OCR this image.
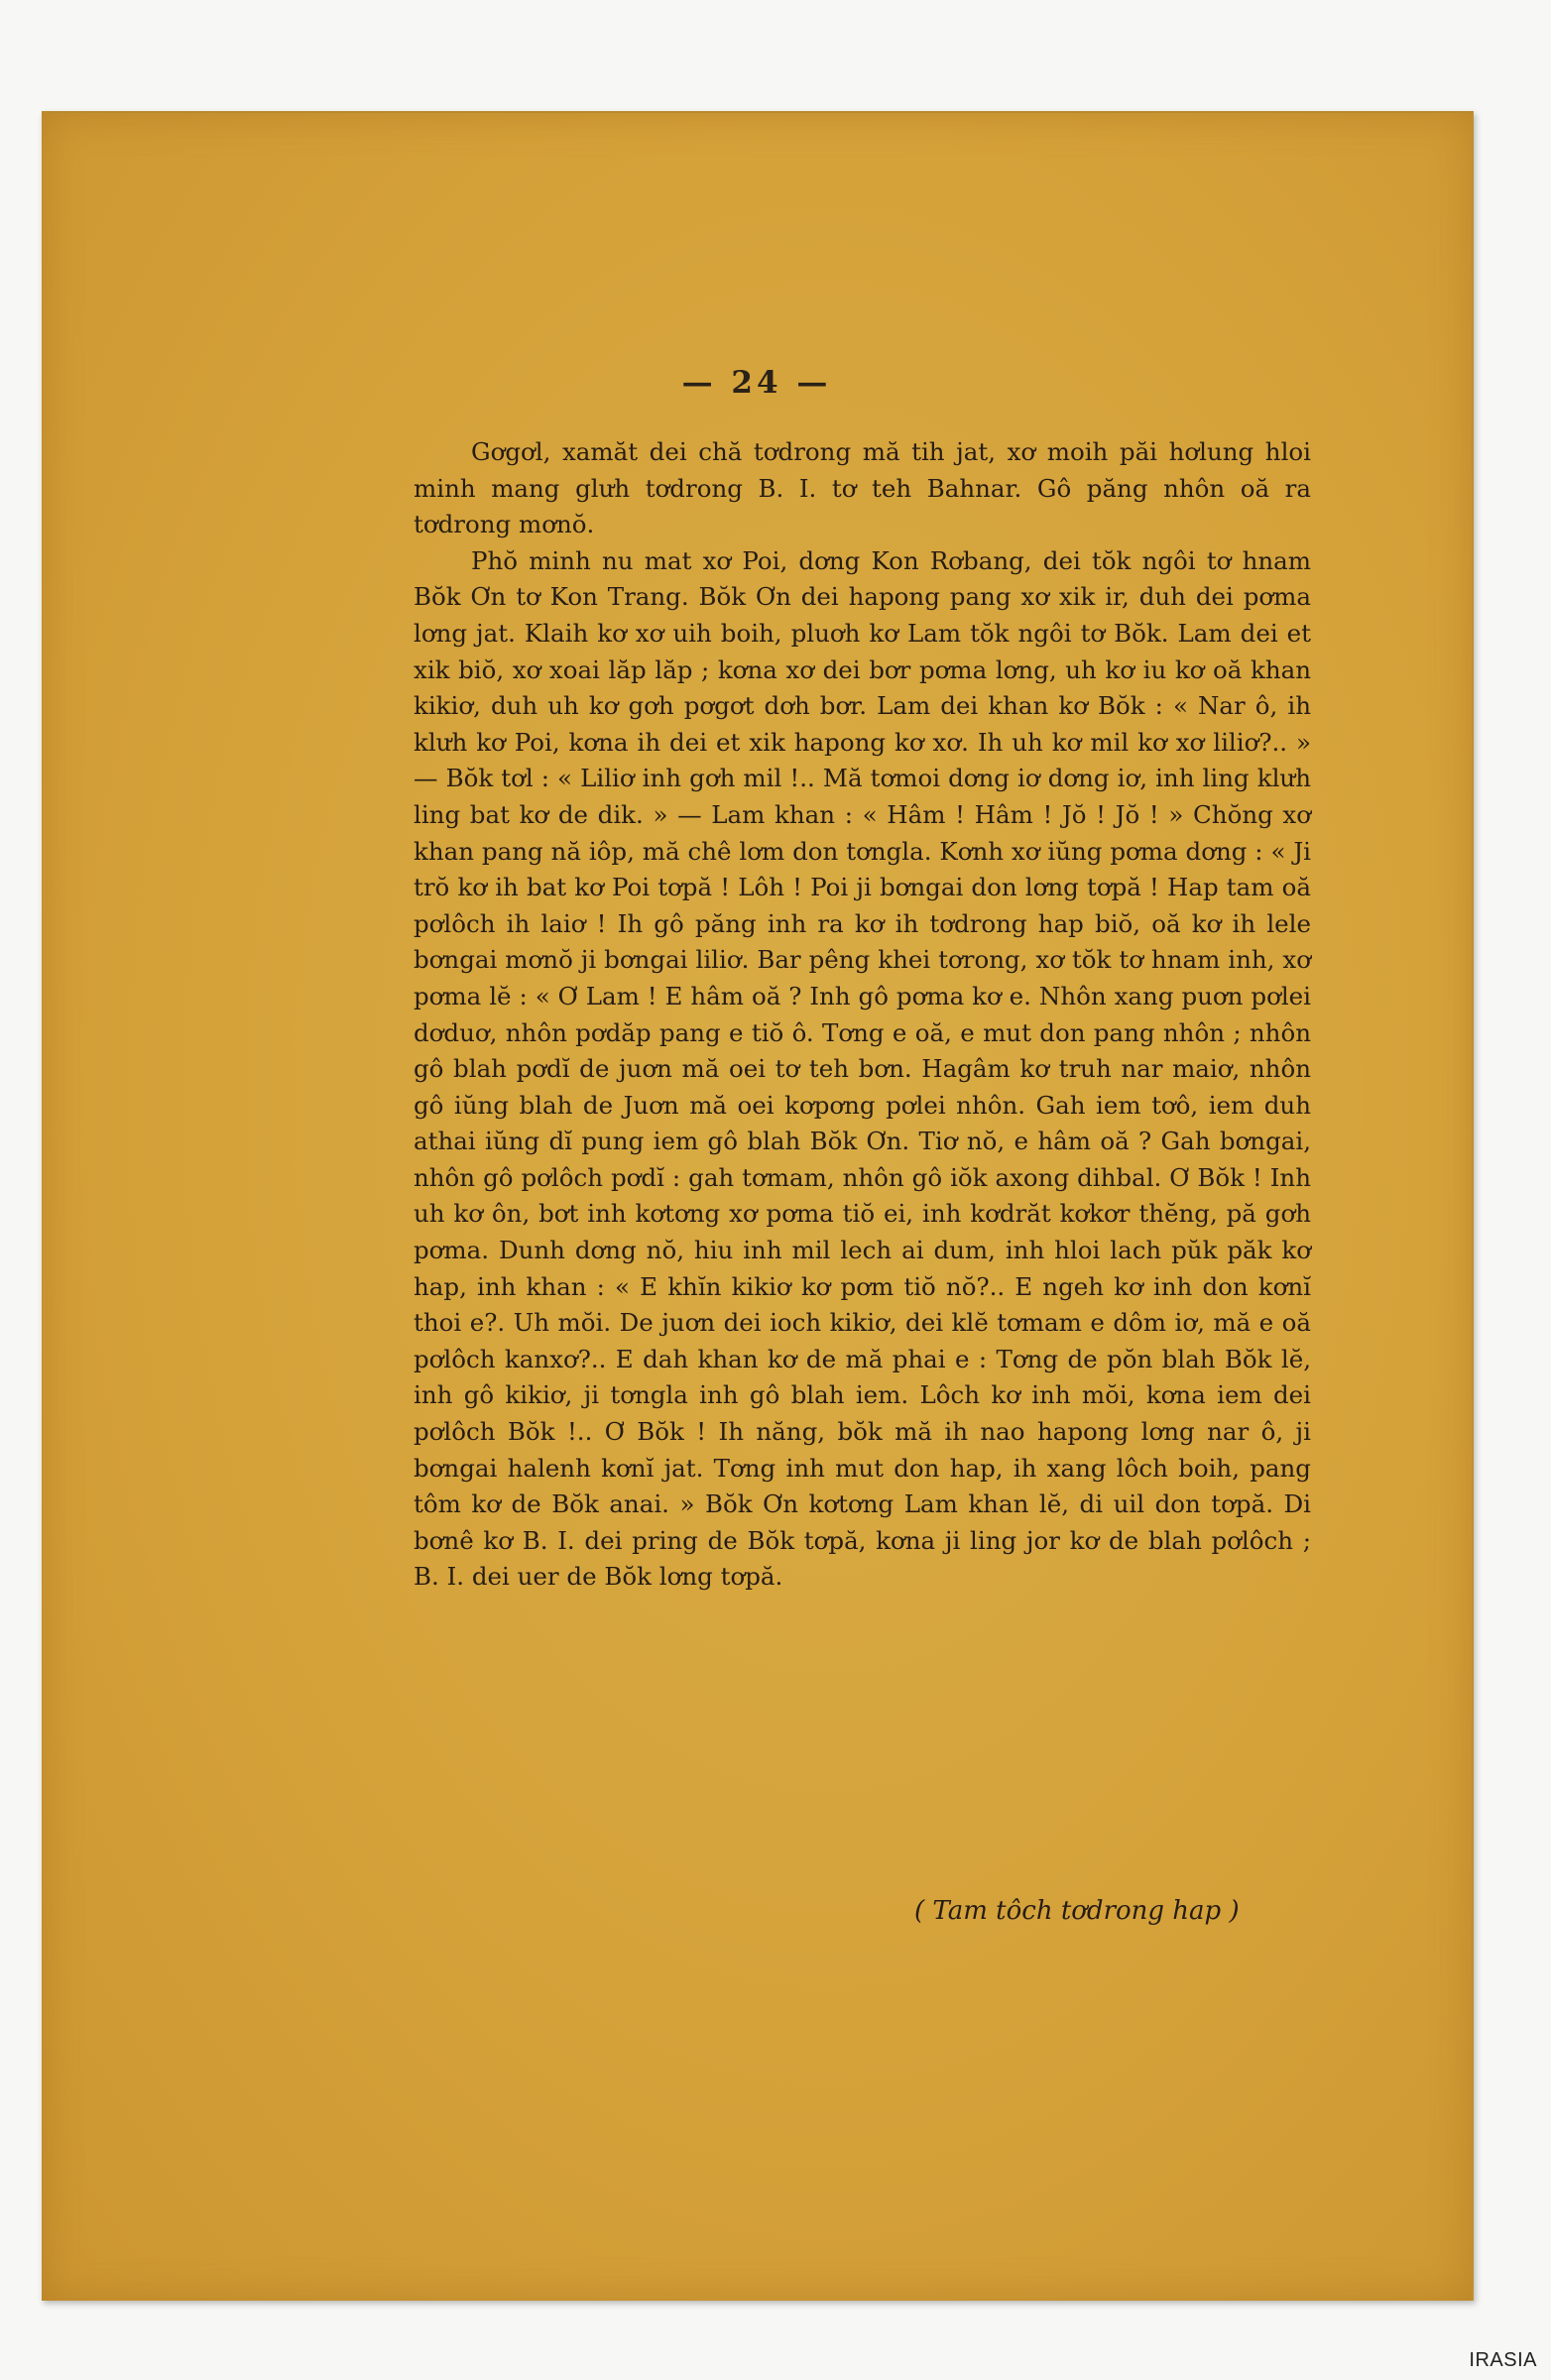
— 24 —

Gơgơl, xamăt dei chă tơdrong mă tih jat, xơ moih păi hơlung hloi minh mang glưh tơdrong B. I. tơ teh Bahnar. Gô păng nhôn oă ra tơdrong mơnŏ.

Phŏ minh nu mat xơ Poi, dơng Kon Rơbang, dei tŏk ngôi tơ hnam Bŏk Ơn tơ Kon Trang. Bŏk Ơn dei hapong pang xơ xik ir, duh dei pơma lơng jat. Klaih kơ xơ uih boih, pluơh kơ Lam tŏk ngôi tơ Bŏk. Lam dei et xik biŏ, xơ xoai lăp lăp ; kơna xơ dei bơr pơma lơng, uh kơ iu kơ oă khan kikiơ, duh uh kơ gơh pơgơt dơh bơr. Lam dei khan kơ Bŏk : « Nar ô, ih klưh kơ Poi, kơna ih dei et xik hapong kơ xơ. Ih uh kơ mil kơ xơ liliơ?.. » — Bŏk tơl : « Liliơ inh gơh mil !.. Mă tơmoi dơng iơ dơng iơ, inh ling klưh ling bat kơ de dik. » — Lam khan : « Hâm ! Hâm ! Jŏ ! Jŏ ! » Chŏng xơ khan pang nă iôp, mă chê lơm don tơngla. Kơnh xơ iŭng pơma dơng : « Ji trŏ kơ ih bat kơ Poi tơpă ! Lôh ! Poi ji bơngai don lơng tơpă ! Hap tam oă pơlôch ih laiơ ! Ih gô păng inh ra kơ ih tơdrong hap biŏ, oă kơ ih lele bơngai mơnŏ ji bơngai liliơ. Bar pêng khei tơrong, xơ tŏk tơ hnam inh, xơ pơma lĕ : « Ơ Lam ! E hâm oă ? Inh gô pơma kơ e. Nhôn xang puơn pơlei dơduơ, nhôn pơdăp pang e tiŏ ô. Tơng e oă, e mut don pang nhôn ; nhôn gô blah pơdĭ de juơn mă oei tơ teh bơn. Hagâm kơ truh nar maiơ, nhôn gô iŭng blah de Juơn mă oei kơpơng pơlei nhôn. Gah iem tơô, iem duh athai iŭng dĭ pung iem gô blah Bŏk Ơn. Tiơ nŏ, e hâm oă ? Gah bơngai, nhôn gô pơlôch pơdĭ : gah tơmam, nhôn gô iŏk axong dihbal. Ơ Bŏk ! Inh uh kơ ôn, bơt inh kơtơng xơ pơma tiŏ ei, inh kơdrăt kơkơr thĕng, pă gơh pơma. Dunh dơng nŏ, hiu inh mil lech ai dum, inh hloi lach pŭk păk kơ hap, inh khan : « E khĭn kikiơ kơ pơm tiŏ nŏ?.. E ngeh kơ inh don kơnĭ thoi e?. Uh mŏi. De juơn dei ioch kikiơ, dei klĕ tơmam e dôm iơ, mă e oă pơlôch kanxơ?.. E dah khan kơ de mă phai e : Tơng de pŏn blah Bŏk lĕ, inh gô kikiơ, ji tơngla inh gô blah iem. Lôch kơ inh mŏi, kơna iem dei pơlôch Bŏk !.. Ơ Bŏk ! Ih năng, bŏk mă ih nao hapong lơng nar ô, ji bơngai halenh kơnĭ jat. Tơng inh mut don hap, ih xang lôch boih, pang tôm kơ de Bŏk anai. » Bŏk Ơn kơtơng Lam khan lĕ, di uil don tơpă. Di bơnê kơ B. I. dei pring de Bŏk tơpă, kơna ji ling jor kơ de blah pơlôch ; B. I. dei uer de Bŏk lơng tơpă.

( Tam tôch tơdrong hap )
IRASIA
